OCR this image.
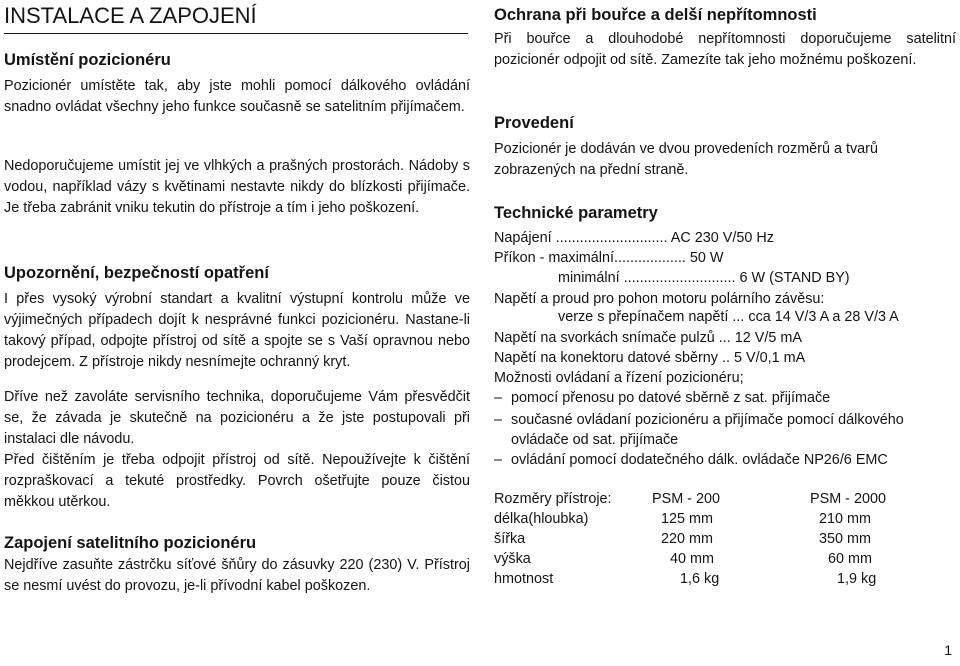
INSTALACE A ZAPOJENÍ
Umístění pozicionéru

Pozicionér umístěte tak, aby jste mohli pomocí dálkového ovládání snadno ovládat všechny jeho funkce současně se satelitním přijímačem.

Nedoporučujeme umístit jej ve vlhkých a prašných prostorách. Nádoby s vodou, například vázy s květinami nestavte nikdy do blízkosti přijímače. Je třeba zabránit vniku tekutin do přístroje a tím i jeho poškození.

Upozornění, bezpečností opatření

I přes vysoký výrobní standart a kvalitní výstupní kontrolu může ve výjimečných případech dojít k nesprávné funkci pozicionéru. Nastane-li takový případ, odpojte přístroj od sítě a spojte se s Vaší opravnou nebo prodejcem. Z přístroje nikdy nesnímejte ochranný kryt.

Dříve než zavoláte servisního technika, doporučujeme Vám přesvědčit se, že závada je skutečně na pozicionéru a že jste postupovali při instalaci dle návodu.

Před čištěním je třeba odpojit přístroj od sítě. Nepoužívejte k čištění rozpraškovací a tekuté prostředky. Povrch ošetřujte pouze čistou měkkou utěrkou.

Zapojení satelitního pozicionéru

Nejdříve zasuňte zástrčku síťové šňůry do zásuvky 220 (230) V. Přístroj se nesmí uvést do provozu, je-li přívodní kabel poškozen.

Ochrana při bouřce a delší nepřítomnosti

Při bouřce a dlouhodobé nepřítomnosti doporučujeme satelitní pozicionér odpojit od sítě. Zamezíte tak jeho možnému poškození.

Provedení

Pozicionér je dodáván ve dvou provedeních rozměrů a tvarů zobrazených na přední straně.

Technické parametry
Napájení ............................ AC 230 V/50 Hz
Příkon - maximální.................. 50 W
minimální ............................ 6 W (STAND BY)
Napětí a proud pro pohon motoru polárního závěsu:
verze s přepínačem napětí ... cca 14 V/3 A a 28 V/3 A
Napětí na svorkách snímače pulzů ... 12 V/5 mA
Napětí na konektoru datové sběrny .. 5 V/0,1 mA
Možnosti ovládaní a řízení pozicionéru;
– pomocí přenosu po datové sběrně z sat. přijímače
– současné ovládaní pozicionéru a přijímače pomocí dálkového ovládače od sat. přijímače
– ovládání pomocí dodatečného dálk. ovládače NP26/6 EMC
Rozměry přístroje:	PSM - 200	PSM - 2000
délka(hloubka)	125 mm	210 mm
šířka	220 mm	350 mm
výška	40 mm	60 mm
hmotnost	1,6 kg	1,9 kg
1
